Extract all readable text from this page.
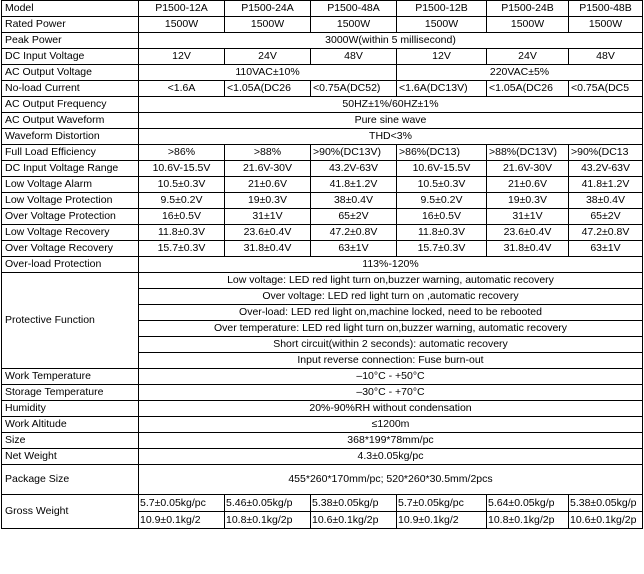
Model	P1500-12A	P1500-24A	P1500-48A	P1500-12B	P1500-24B	P1500-48B
Rated Power	1500W	1500W	1500W	1500W	1500W	1500W
Peak Power	3000W(within 5 millisecond)					
DC Input Voltage	12V	24V	48V	12V	24V	48V
AC Output Voltage	110VAC±10%			220VAC±5%		
No-load Current	<1.6A	<1.05A(DC26	<0.75A(DC52)	<1.6A(DC13V)	<1.05A(DC26	<0.75A(DC5
AC Output Frequency	50HZ±1%/60HZ±1%					
AC Output Waveform	Pure sine wave					
Waveform Distortion	THD<3%					
Full Load Efficiency	>86%	>88%	>90%(DC13V)	>86%(DC13)	>88%(DC13V)	>90%(DC13
DC Input Voltage Range	10.6V-15.5V	21.6V-30V	43.2V-63V	10.6V-15.5V	21.6V-30V	43.2V-63V
Low Voltage Alarm	10.5±0.3V	21±0.6V	41.8±1.2V	10.5±0.3V	21±0.6V	41.8±1.2V
Low Voltage Protection	9.5±0.2V	19±0.3V	38±0.4V	9.5±0.2V	19±0.3V	38±0.4V
Over Voltage Protection	16±0.5V	31±1V	65±2V	16±0.5V	31±1V	65±2V
Low Voltage Recovery	11.8±0.3V	23.6±0.4V	47.2±0.8V	11.8±0.3V	23.6±0.4V	47.2±0.8V
Over Voltage Recovery	15.7±0.3V	31.8±0.4V	63±1V	15.7±0.3V	31.8±0.4V	63±1V
Over-load Protection	113%-120%					
Protective Function	Low voltage: LED red light turn on,buzzer warning, automatic recovery					
	Over voltage: LED red light turn on ,automatic recovery					
	Over-load: LED red light on,machine locked, need to be rebooted					
	Over temperature: LED red light turn on,buzzer warning, automatic recovery					
	Short circuit(within 2 seconds): automatic recovery					
	Input reverse connection: Fuse burn-out					
Work Temperature	–10°C - +50°C					
Storage Temperature	–30°C - +70°C					
Humidity	20%-90%RH without condensation					
Work Altitude	≤1200m					
Size	368*199*78mm/pc					
Net Weight	4.3±0.05kg/pc					
Package Size	455*260*170mm/pc; 520*260*30.5mm/2pcs					
Gross Weight	5.7±0.05kg/pc	5.46±0.05kg/p	5.38±0.05kg/p	5.7±0.05kg/pc	5.64±0.05kg/p	5.38±0.05kg/p
	10.9±0.1kg/2	10.8±0.1kg/2p	10.6±0.1kg/2p	10.9±0.1kg/2	10.8±0.1kg/2p	10.6±0.1kg/2p
